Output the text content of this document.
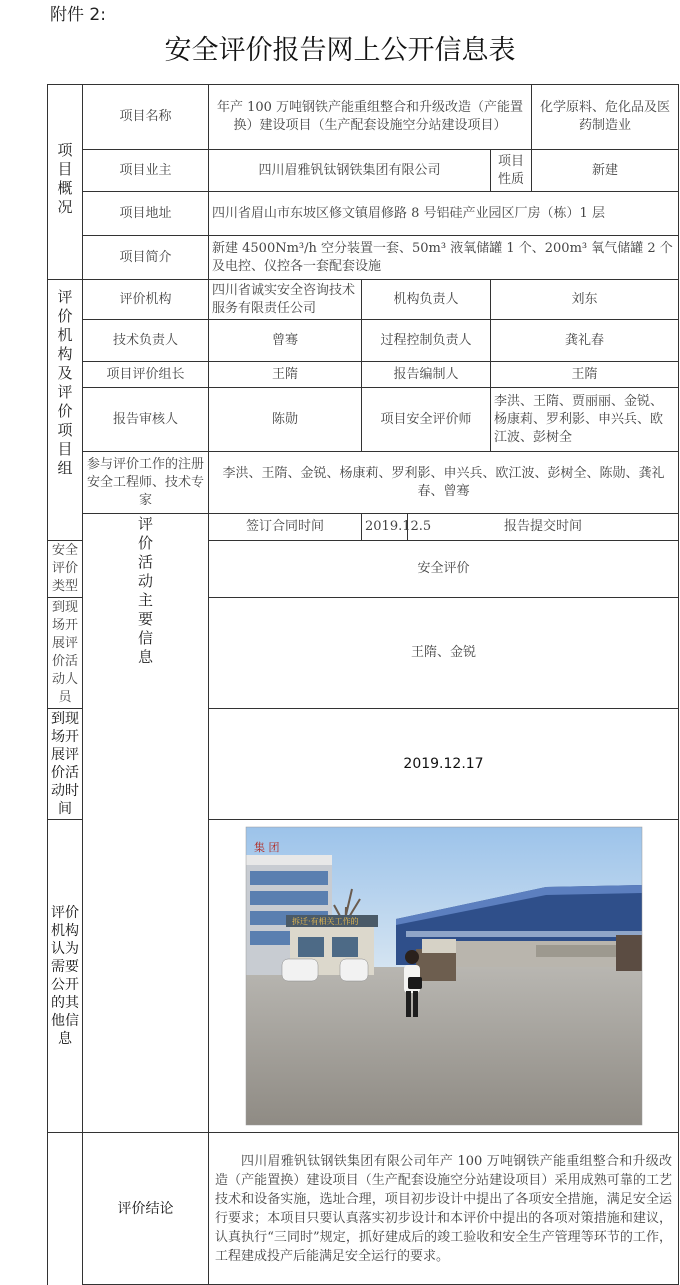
附件 2:
安全评价报告网上公开信息表
项目概况	项目名称	年产 100 万吨钢铁产能重组整合和升级改造（产能置换）建设项目（生产配套设施空分站建设项目）				化学原料、危化品及医药制造业	
	项目业主	四川眉雅钒钛钢铁集团有限公司			项目性质	新建	
	项目地址	四川省眉山市东坡区修文镇眉修路 8 号铝硅产业园区厂房（栋）1 层					
	项目简介	新建 4500Nm³/h 空分装置一套、50m³ 液氧储罐 1 个、200m³ 氧气储罐 2 个及电控、仪控各一套配套设施					

评价机构及评价项目组	评价机构	四川省诚实安全咨询技术服务有限责任公司	机构负责人		刘东		
	技术负责人	曾骞	过程控制负责人		龚礼春		
	项目评价组长	王隋	报告编制人		王隋		
	报告审核人	陈勋	项目安全评价师		李洪、王隋、贾丽丽、金锐、杨康莉、罗利影、申兴兵、欧江波、彭树全		
	参与评价工作的注册安全工程师、技术专家	李洪、王隋、金锐、杨康莉、罗利影、申兴兵、欧江波、彭树全、陈勋、龚礼春、曾骞					

	评价活动主要信息	签订合同时间	2019.12.5	报告提交时间	
安全评价类型		安全评价					
到现场开展评价活动人员		王隋、金锐					
到现场开展评价活动时间		2019.12.17					
评价机构认为需要公开的其他信息		集 团
拆迁·有相关工作的					

	评价结论	四川眉雅钒钛钢铁集团有限公司年产 100 万吨钢铁产能重组整合和升级改造（产能置换）建设项目（生产配套设施空分站建设项目）采用成熟可靠的工艺技术和设备实施，选址合理，项目初步设计中提出了各项安全措施，满足安全运行要求；本项目只要认真落实初步设计和本评价中提出的各项对策措施和建议，认真执行“三同时”规定，抓好建成后的竣工验收和安全生产管理等环节的工作，工程建成投产后能满足安全运行的要求。					
